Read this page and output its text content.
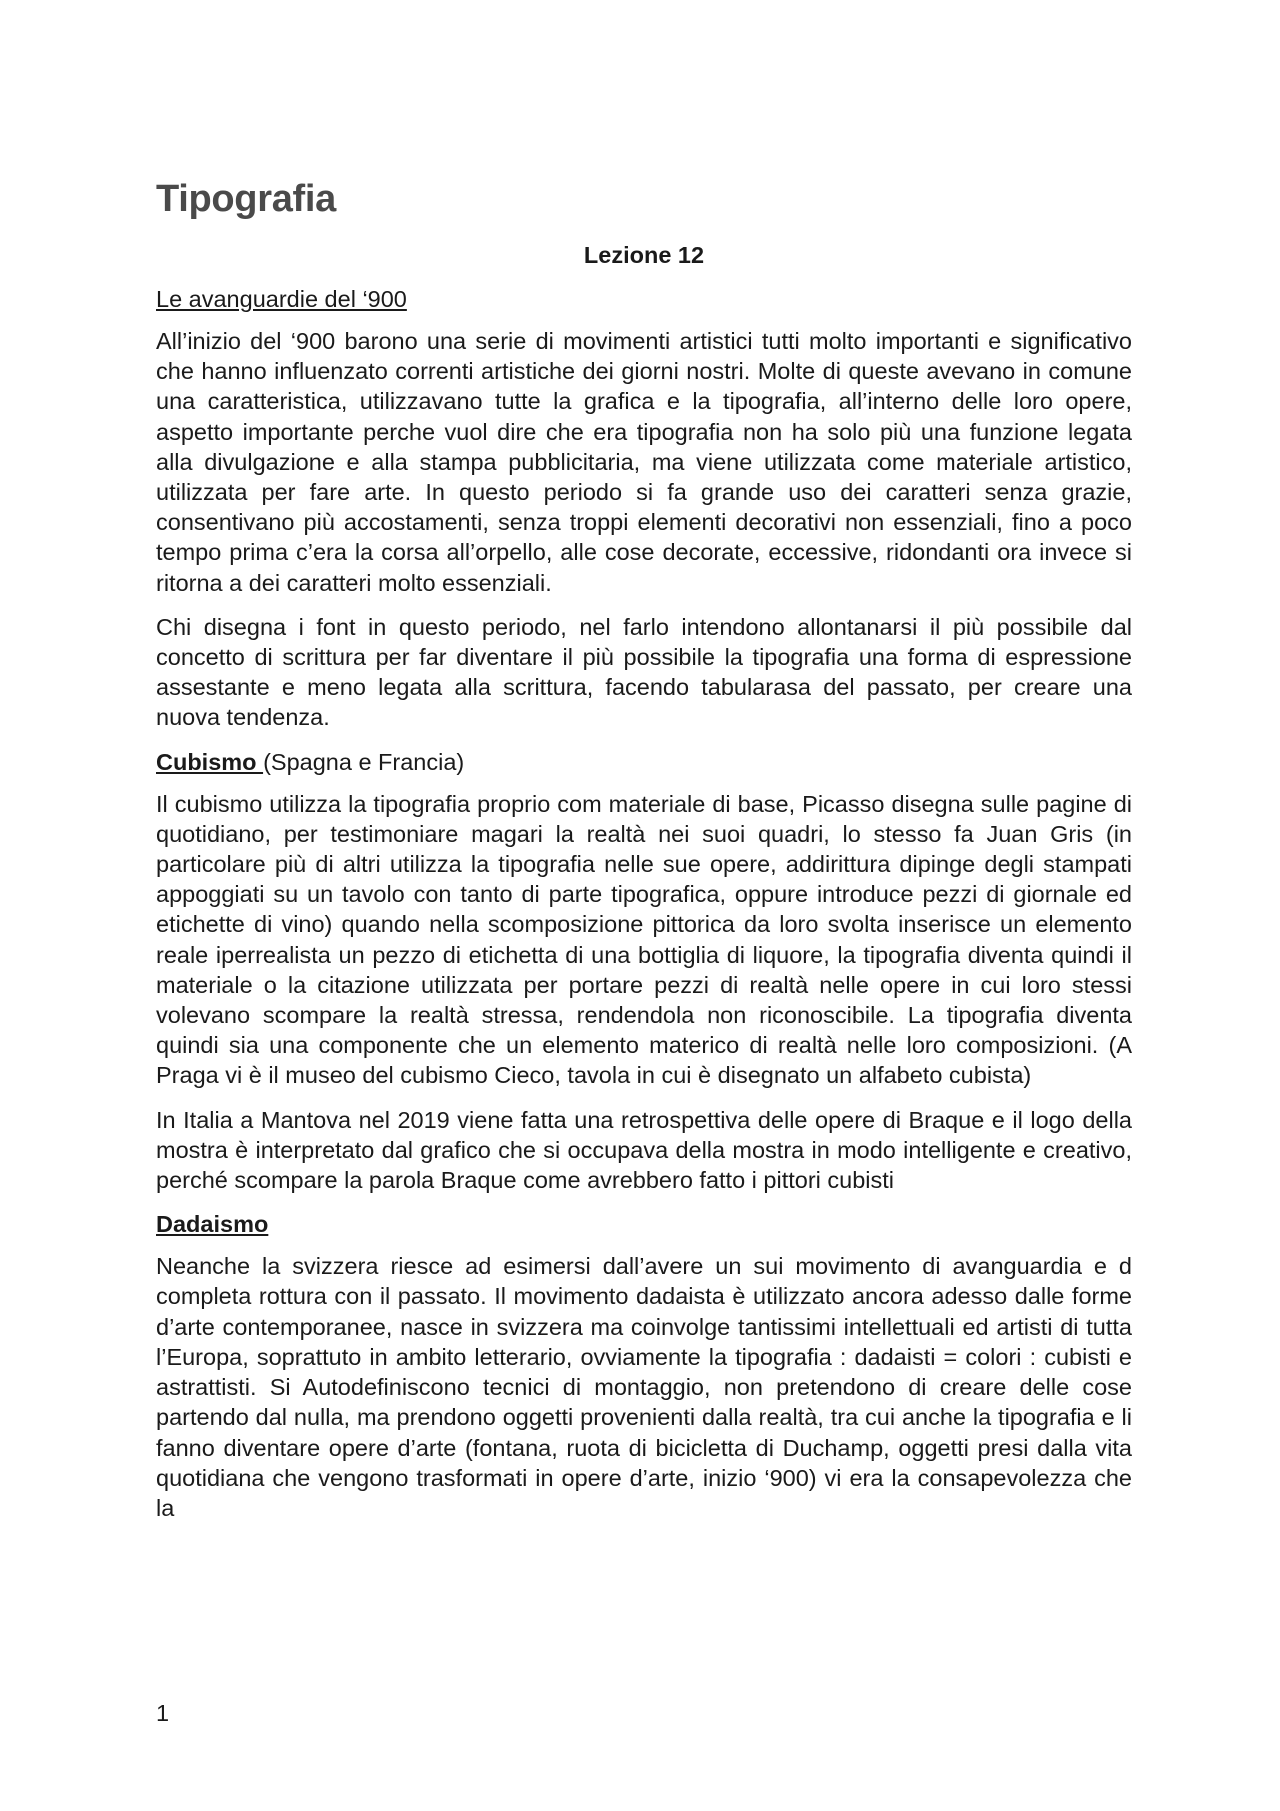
Tipografia
Lezione 12
Le avanguardie del ‘900

All’inizio del ‘900 barono una serie di movimenti artistici tutti molto importanti e significativo che hanno influenzato correnti artistiche dei giorni nostri. Molte di queste avevano in comune una caratteristica, utilizzavano tutte la grafica e la tipografia, all’interno delle loro opere, aspetto importante perche vuol dire che era tipografia non ha solo più una funzione legata alla divulgazione e alla stampa pubblicitaria, ma viene utilizzata come materiale artistico, utilizzata per fare arte. In questo periodo si fa grande uso dei caratteri senza grazie, consentivano più accostamenti, senza troppi elementi decorativi non essenziali, fino a poco tempo prima c’era la corsa all’orpello, alle cose decorate, eccessive, ridondanti ora invece si ritorna a dei caratteri molto essenziali.

Chi disegna i font in questo periodo, nel farlo intendono allontanarsi il più possibile dal concetto di scrittura per far diventare il più possibile la tipografia una forma di espressione assestante e meno legata alla scrittura, facendo tabularasa del passato, per creare una nuova tendenza.

Cubismo (Spagna e Francia)

Il cubismo utilizza la tipografia proprio com materiale di base, Picasso disegna sulle pagine di quotidiano, per testimoniare magari la realtà nei suoi quadri, lo stesso fa Juan Gris (in particolare più di altri utilizza la tipografia nelle sue opere, addirittura dipinge degli stampati appoggiati su un tavolo con tanto di parte tipografica, oppure introduce pezzi di giornale ed etichette di vino) quando nella scomposizione pittorica da loro svolta inserisce un elemento reale iperrealista un pezzo di etichetta di una bottiglia di liquore, la tipografia diventa quindi il materiale o la citazione utilizzata per portare pezzi di realtà nelle opere in cui loro stessi volevano scompare la realtà stressa, rendendola non riconoscibile. La tipografia diventa quindi sia una componente che un elemento materico di realtà nelle loro composizioni. (A Praga vi è il museo del cubismo Cieco, tavola in cui è disegnato un alfabeto cubista)

In Italia a Mantova nel 2019 viene fatta una retrospettiva delle opere di Braque e il logo della mostra è interpretato dal grafico che si occupava della mostra in modo intelligente e creativo, perché scompare la parola Braque come avrebbero fatto i pittori cubisti

Dadaismo

Neanche la svizzera riesce ad esimersi dall’avere un sui movimento di avanguardia e d completa rottura con il passato. Il movimento dadaista è utilizzato ancora adesso dalle forme d’arte contemporanee, nasce in svizzera ma coinvolge tantissimi intellettuali ed artisti di tutta l’Europa, soprattuto in ambito letterario, ovviamente la tipografia : dadaisti = colori : cubisti e astrattisti. Si Autodefiniscono tecnici di montaggio, non pretendono di creare delle cose partendo dal nulla, ma prendono oggetti provenienti dalla realtà, tra cui anche la tipografia e li fanno diventare opere d’arte (fontana, ruota di bicicletta di Duchamp, oggetti presi dalla vita quotidiana che vengono trasformati in opere d’arte, inizio ‘900) vi era la consapevolezza che la

1
